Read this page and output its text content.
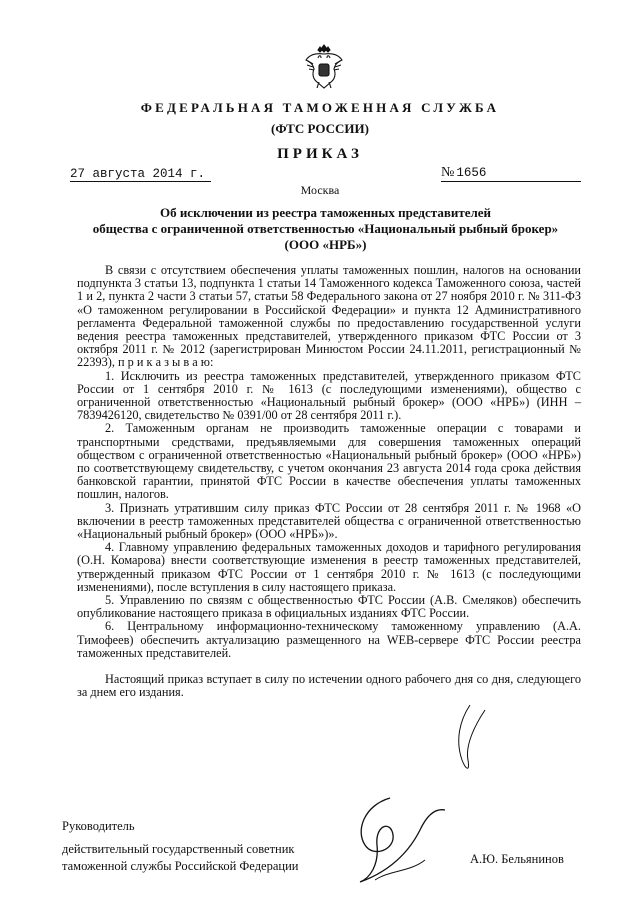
ФЕДЕРАЛЬНАЯ ТАМОЖЕННАЯ СЛУЖБА
(ФТС РОССИИ)
ПРИКАЗ
27 августа 2014 г.	№ 1656
Москва
Об исключении из реестра таможенных представителей
общества с ограниченной ответственностью «Национальный рыбный брокер»
(ООО «НРБ»)

В связи с отсутствием обеспечения уплаты таможенных пошлин, налогов на основании подпункта 3 статьи 13, подпункта 1 статьи 14 Таможенного кодекса Таможенного союза, частей 1 и 2, пункта 2 части 3 статьи 57, статьи 58 Федерального закона от 27 ноября 2010 г. № 311-ФЗ «О таможенном регулировании в Российской Федерации» и пункта 12 Административного регламента Федеральной таможенной службы по предоставлению государственной услуги ведения реестра таможенных представителей, утвержденного приказом ФТС России от 3 октября 2011 г. № 2012 (зарегистрирован Минюстом России 24.11.2011, регистрационный № 22393), п р и к а з ы в а ю:

1. Исключить из реестра таможенных представителей, утвержденного приказом ФТС России от 1 сентября 2010 г. № 1613 (с последующими изменениями), общество с ограниченной ответственностью «Национальный рыбный брокер» (ООО «НРБ») (ИНН – 7839426120, свидетельство № 0391/00 от 28 сентября 2011 г.).

2. Таможенным органам не производить таможенные операции с товарами и транспортными средствами, предъявляемыми для совершения таможенных операций обществом с ограниченной ответственностью «Национальный рыбный брокер» (ООО «НРБ») по соответствующему свидетельству, с учетом окончания 23 августа 2014 года срока действия банковской гарантии, принятой ФТС России в качестве обеспечения уплаты таможенных пошлин, налогов.

3. Признать утратившим силу приказ ФТС России от 28 сентября 2011 г. № 1968 «О включении в реестр таможенных представителей общества с ограниченной ответственностью «Национальный рыбный брокер» (ООО «НРБ»)».

4. Главному управлению федеральных таможенных доходов и тарифного регулирования (О.Н. Комарова) внести соответствующие изменения в реестр таможенных представителей, утвержденный приказом ФТС России от 1 сентября 2010 г. № 1613 (с последующими изменениями), после вступления в силу настоящего приказа.

5. Управлению по связям с общественностью ФТС России (А.В. Смеляков) обеспечить опубликование настоящего приказа в официальных изданиях ФТС России.

6. Центральному информационно-техническому таможенному управлению (А.А. Тимофеев) обеспечить актуализацию размещенного на WEB-сервере ФТС России реестра таможенных представителей.

Настоящий приказ вступает в силу по истечении одного рабочего дня со дня, следующего за днем его издания.

Руководитель
действительный государственный советник
таможенной службы Российской Федерации	А.Ю. Бельянинов
